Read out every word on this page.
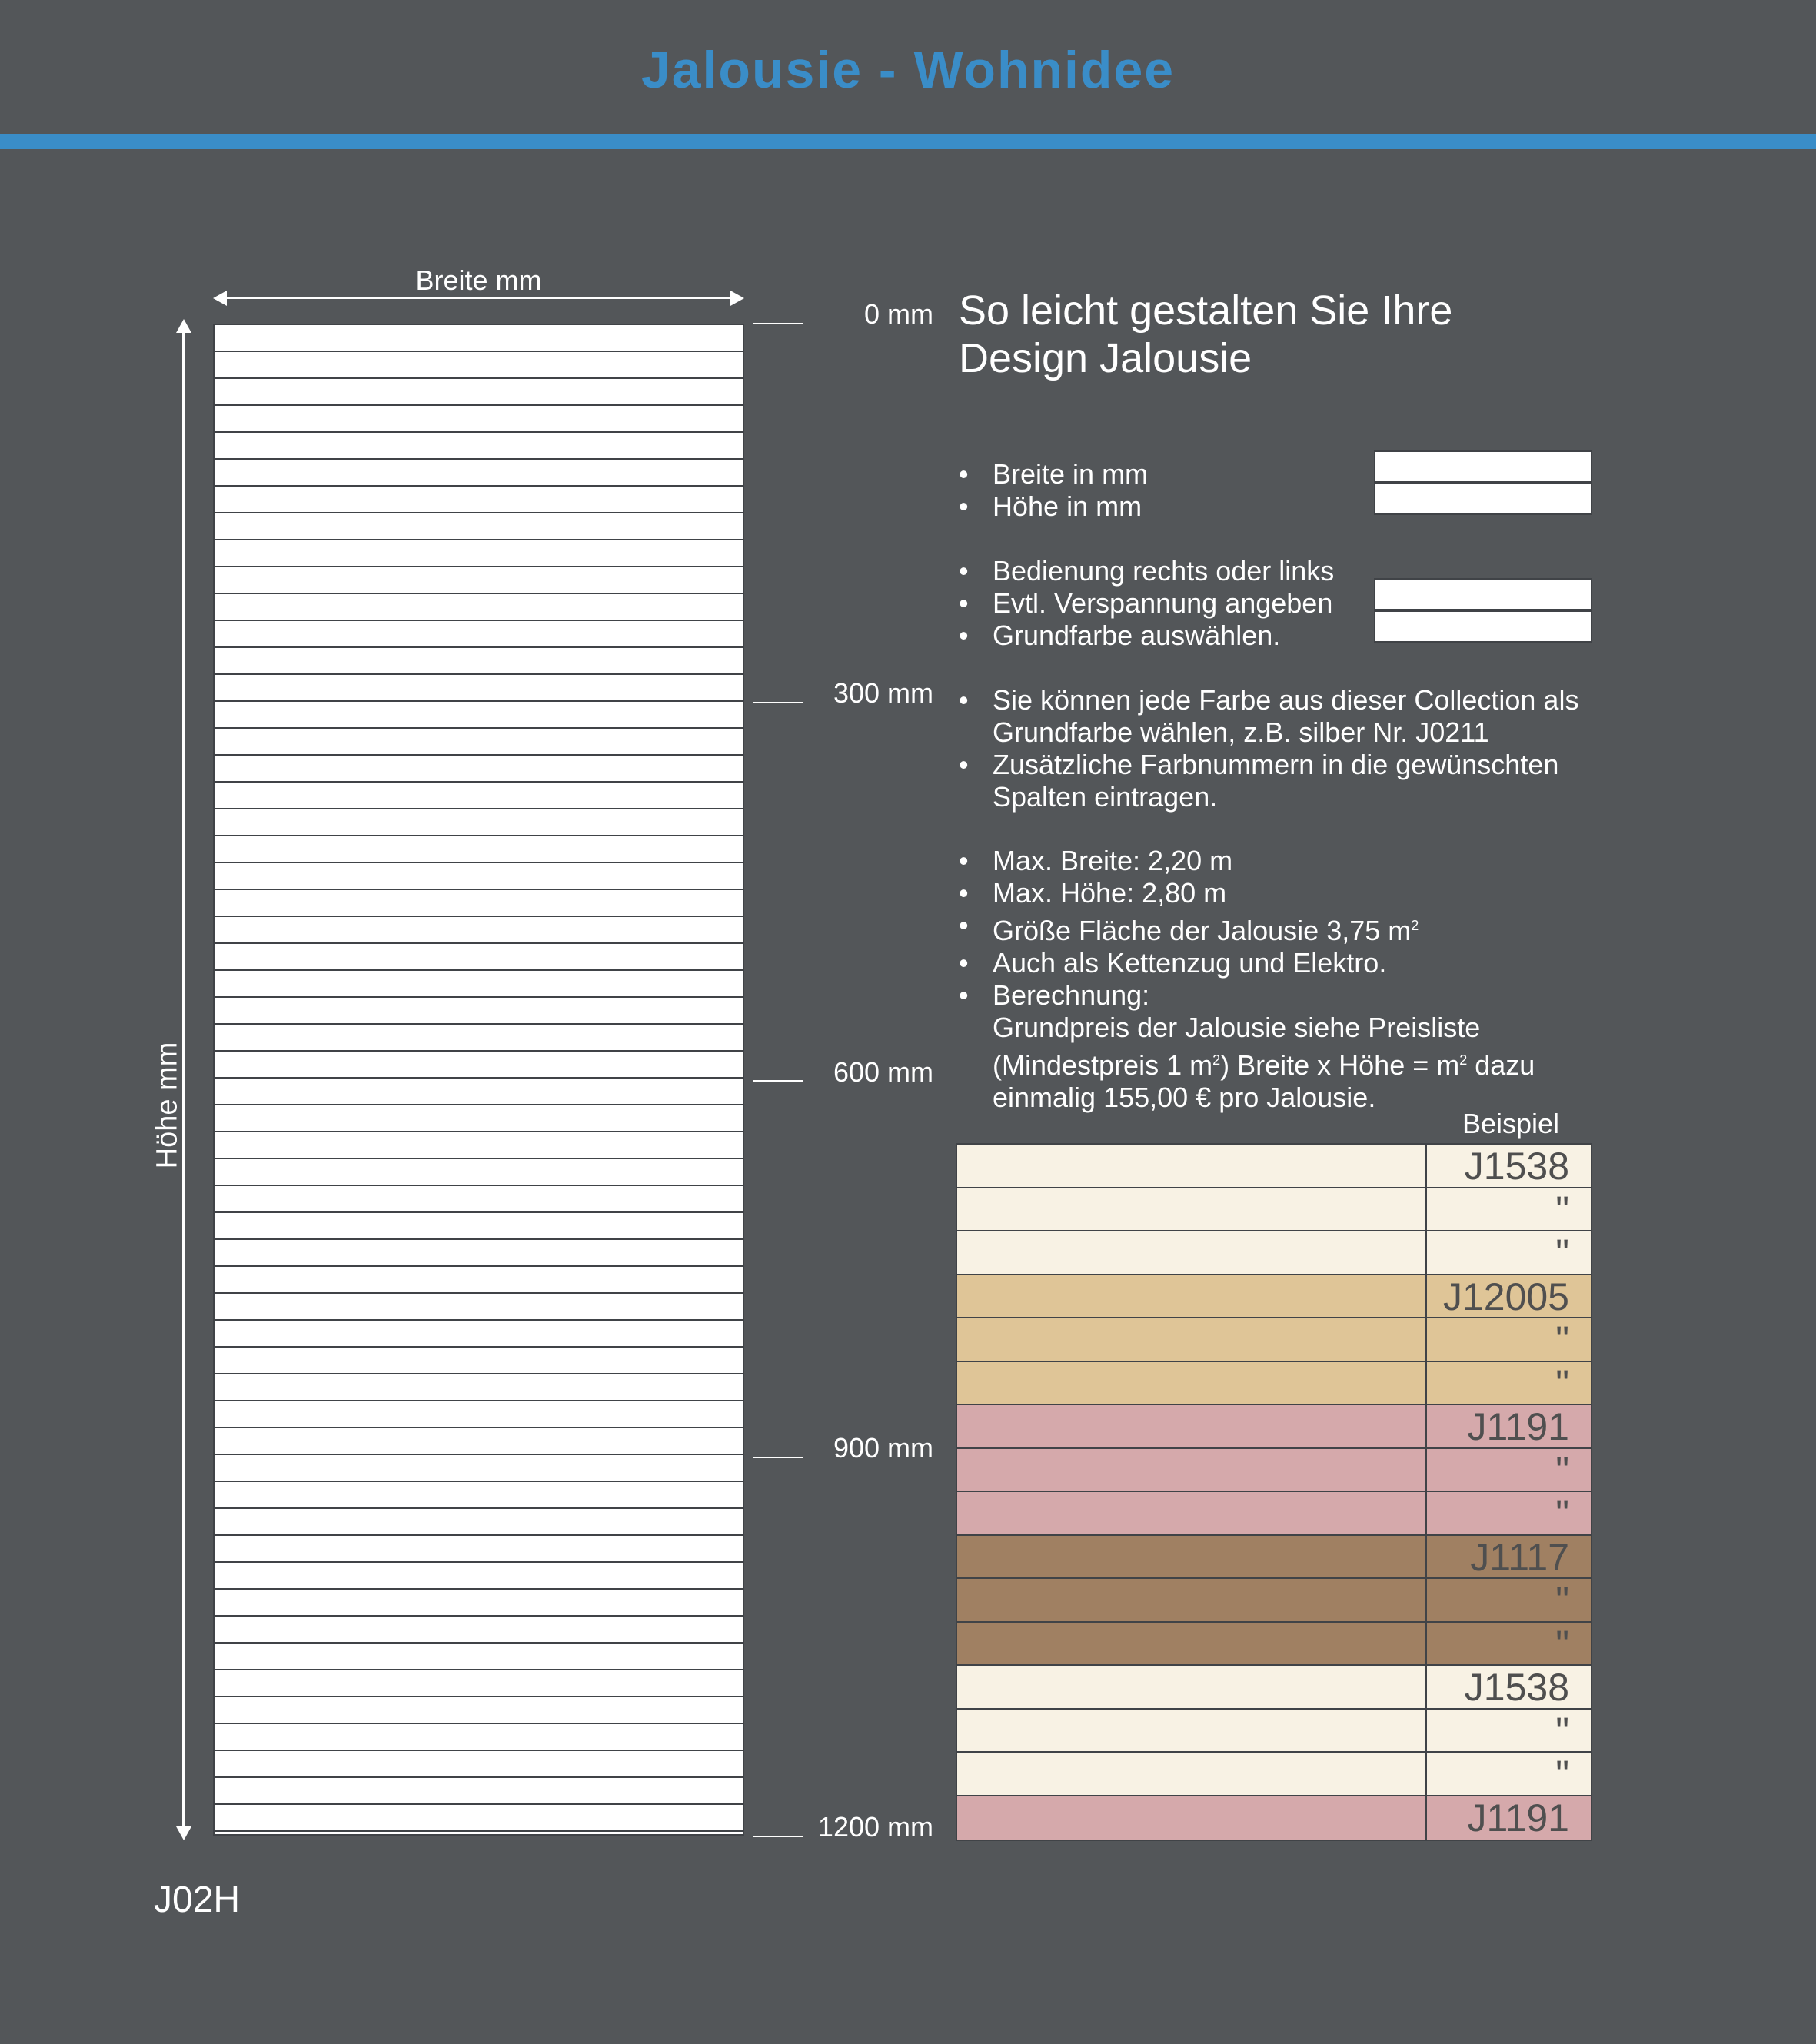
Jalousie - Wohnidee
Breite mm
Höhe mm
0 mm
300 mm
600 mm
900 mm
1200 mm
J02H
So leicht gestalten Sie Ihre
Design Jalousie
• Breite in mm
• Höhe in mm
• Bedienung rechts oder links
• Evtl. Verspannung angeben
• Grundfarbe auswählen.
• Sie können jede Farbe aus dieser Collection als Grundfarbe wählen, z.B. silber Nr. J0211
• Zusätzliche Farbnummern in die gewünschten Spalten eintragen.
• Max. Breite: 2,20 m
• Max. Höhe: 2,80 m
• Größe Fläche der Jalousie 3,75 $m^2$
• Auch als Kettenzug und Elektro.
• Berechnung:
Grundpreis der Jalousie siehe Preisliste
(Mindestpreis 1 $m^2$) Breite x Höhe = $m^2$ dazu
einmalig 155,00 € pro Jalousie.
Beispiel
J1538
"
"
J12005
"
"
J1191
"
"
J1117
"
"
J1538
"
"
J1191
